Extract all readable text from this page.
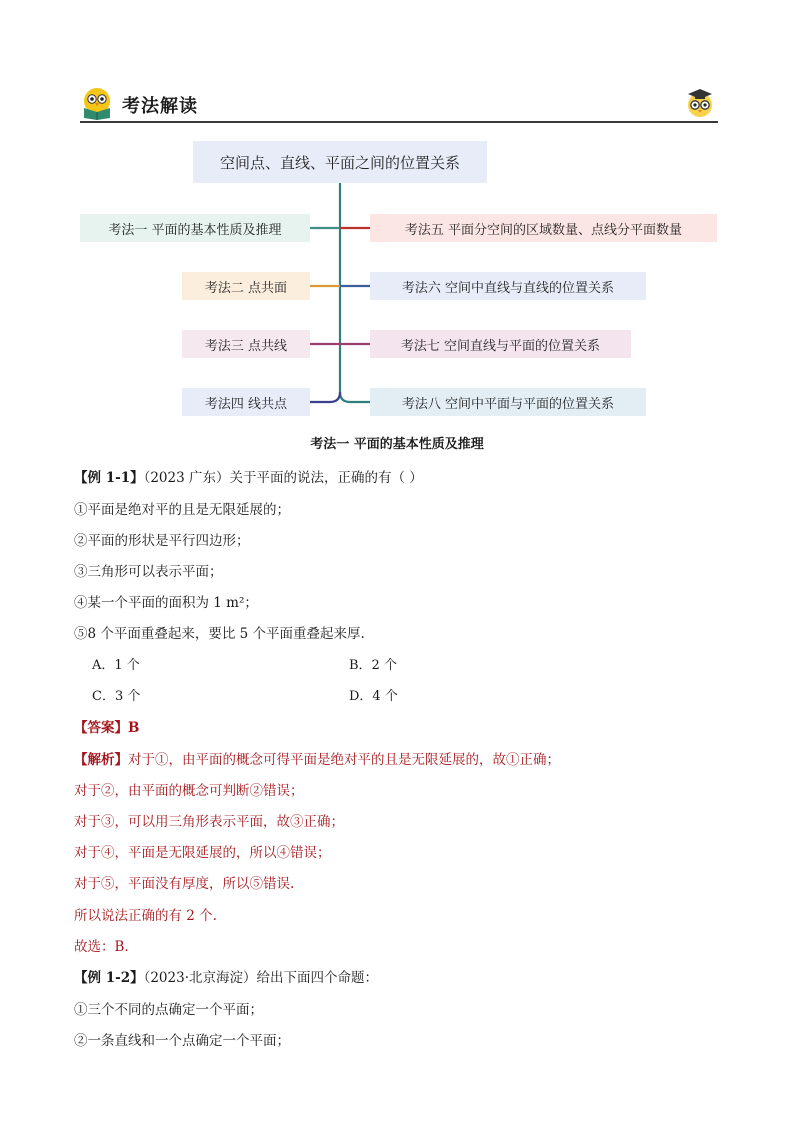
考法解读
空间点、直线、平面之间的位置关系
考法一 平面的基本性质及推理
考法二 点共面
考法三 点共线
考法四 线共点
考法五 平面分空间的区域数量、点线分平面数量
考法六 空间中直线与直线的位置关系
考法七 空间直线与平面的位置关系
考法八 空间中平面与平面的位置关系
考法一 平面的基本性质及推理
【例 1-1】（2023 广东）关于平面的说法，正确的有（ ）
①平面是绝对平的且是无限延展的；
②平面的形状是平行四边形；
③三角形可以表示平面；
④某一个平面的面积为 1 m²；
⑤8 个平面重叠起来，要比 5 个平面重叠起来厚.
A．1 个	B．2 个
C．3 个	D．4 个
【答案】B
【解析】对于①，由平面的概念可得平面是绝对平的且是无限延展的，故①正确；
对于②，由平面的概念可判断②错误；
对于③，可以用三角形表示平面，故③正确；
对于④，平面是无限延展的，所以④错误；
对于⑤，平面没有厚度，所以⑤错误.
所以说法正确的有 2 个.
故选：B.
【例 1-2】（2023·北京海淀）给出下面四个命题：
①三个不同的点确定一个平面；
②一条直线和一个点确定一个平面；
